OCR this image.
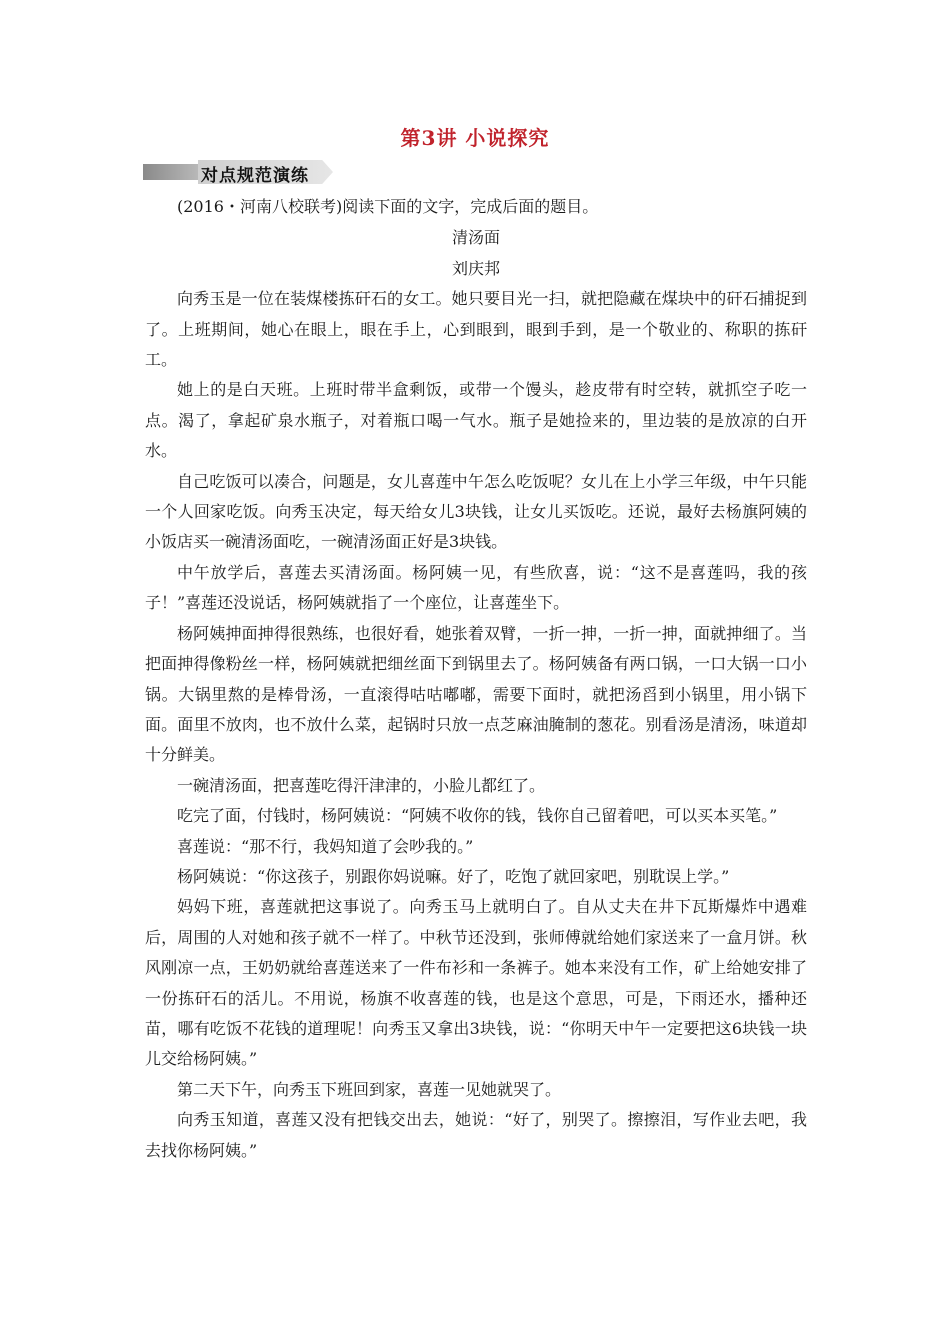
第3讲 小说探究
对点规范演练

(2016・河南八校联考)阅读下面的文字，完成后面的题目。

清汤面

刘庆邦

向秀玉是一位在装煤楼拣矸石的女工。她只要目光一扫，就把隐藏在煤块中的矸石捕捉到了。上班期间，她心在眼上，眼在手上，心到眼到，眼到手到，是一个敬业的、称职的拣矸工。

她上的是白天班。上班时带半盒剩饭，或带一个馒头，趁皮带有时空转，就抓空子吃一点。渴了，拿起矿泉水瓶子，对着瓶口喝一气水。瓶子是她捡来的，里边装的是放凉的白开水。

自己吃饭可以凑合，问题是，女儿喜莲中午怎么吃饭呢？女儿在上小学三年级，中午只能一个人回家吃饭。向秀玉决定，每天给女儿3块钱，让女儿买饭吃。还说，最好去杨旗阿姨的小饭店买一碗清汤面吃，一碗清汤面正好是3块钱。

中午放学后，喜莲去买清汤面。杨阿姨一见，有些欣喜，说：“这不是喜莲吗，我的孩子！”喜莲还没说话，杨阿姨就指了一个座位，让喜莲坐下。

杨阿姨抻面抻得很熟练，也很好看，她张着双臂，一折一抻，一折一抻，面就抻细了。当把面抻得像粉丝一样，杨阿姨就把细丝面下到锅里去了。杨阿姨备有两口锅，一口大锅一口小锅。大锅里熬的是棒骨汤，一直滚得咕咕嘟嘟，需要下面时，就把汤舀到小锅里，用小锅下面。面里不放肉，也不放什么菜，起锅时只放一点芝麻油腌制的葱花。别看汤是清汤，味道却十分鲜美。

一碗清汤面，把喜莲吃得汗津津的，小脸儿都红了。

吃完了面，付钱时，杨阿姨说：“阿姨不收你的钱，钱你自己留着吧，可以买本买笔。”

喜莲说：“那不行，我妈知道了会吵我的。”

杨阿姨说：“你这孩子，别跟你妈说嘛。好了，吃饱了就回家吧，别耽误上学。”

妈妈下班，喜莲就把这事说了。向秀玉马上就明白了。自从丈夫在井下瓦斯爆炸中遇难后，周围的人对她和孩子就不一样了。中秋节还没到，张师傅就给她们家送来了一盒月饼。秋风刚凉一点，王奶奶就给喜莲送来了一件布衫和一条裤子。她本来没有工作，矿上给她安排了一份拣矸石的活儿。不用说，杨旗不收喜莲的钱，也是这个意思，可是，下雨还水，播种还苗，哪有吃饭不花钱的道理呢！向秀玉又拿出3块钱，说：“你明天中午一定要把这6块钱一块儿交给杨阿姨。”

第二天下午，向秀玉下班回到家，喜莲一见她就哭了。

向秀玉知道，喜莲又没有把钱交出去，她说：“好了，别哭了。擦擦泪，写作业去吧，我去找你杨阿姨。”
